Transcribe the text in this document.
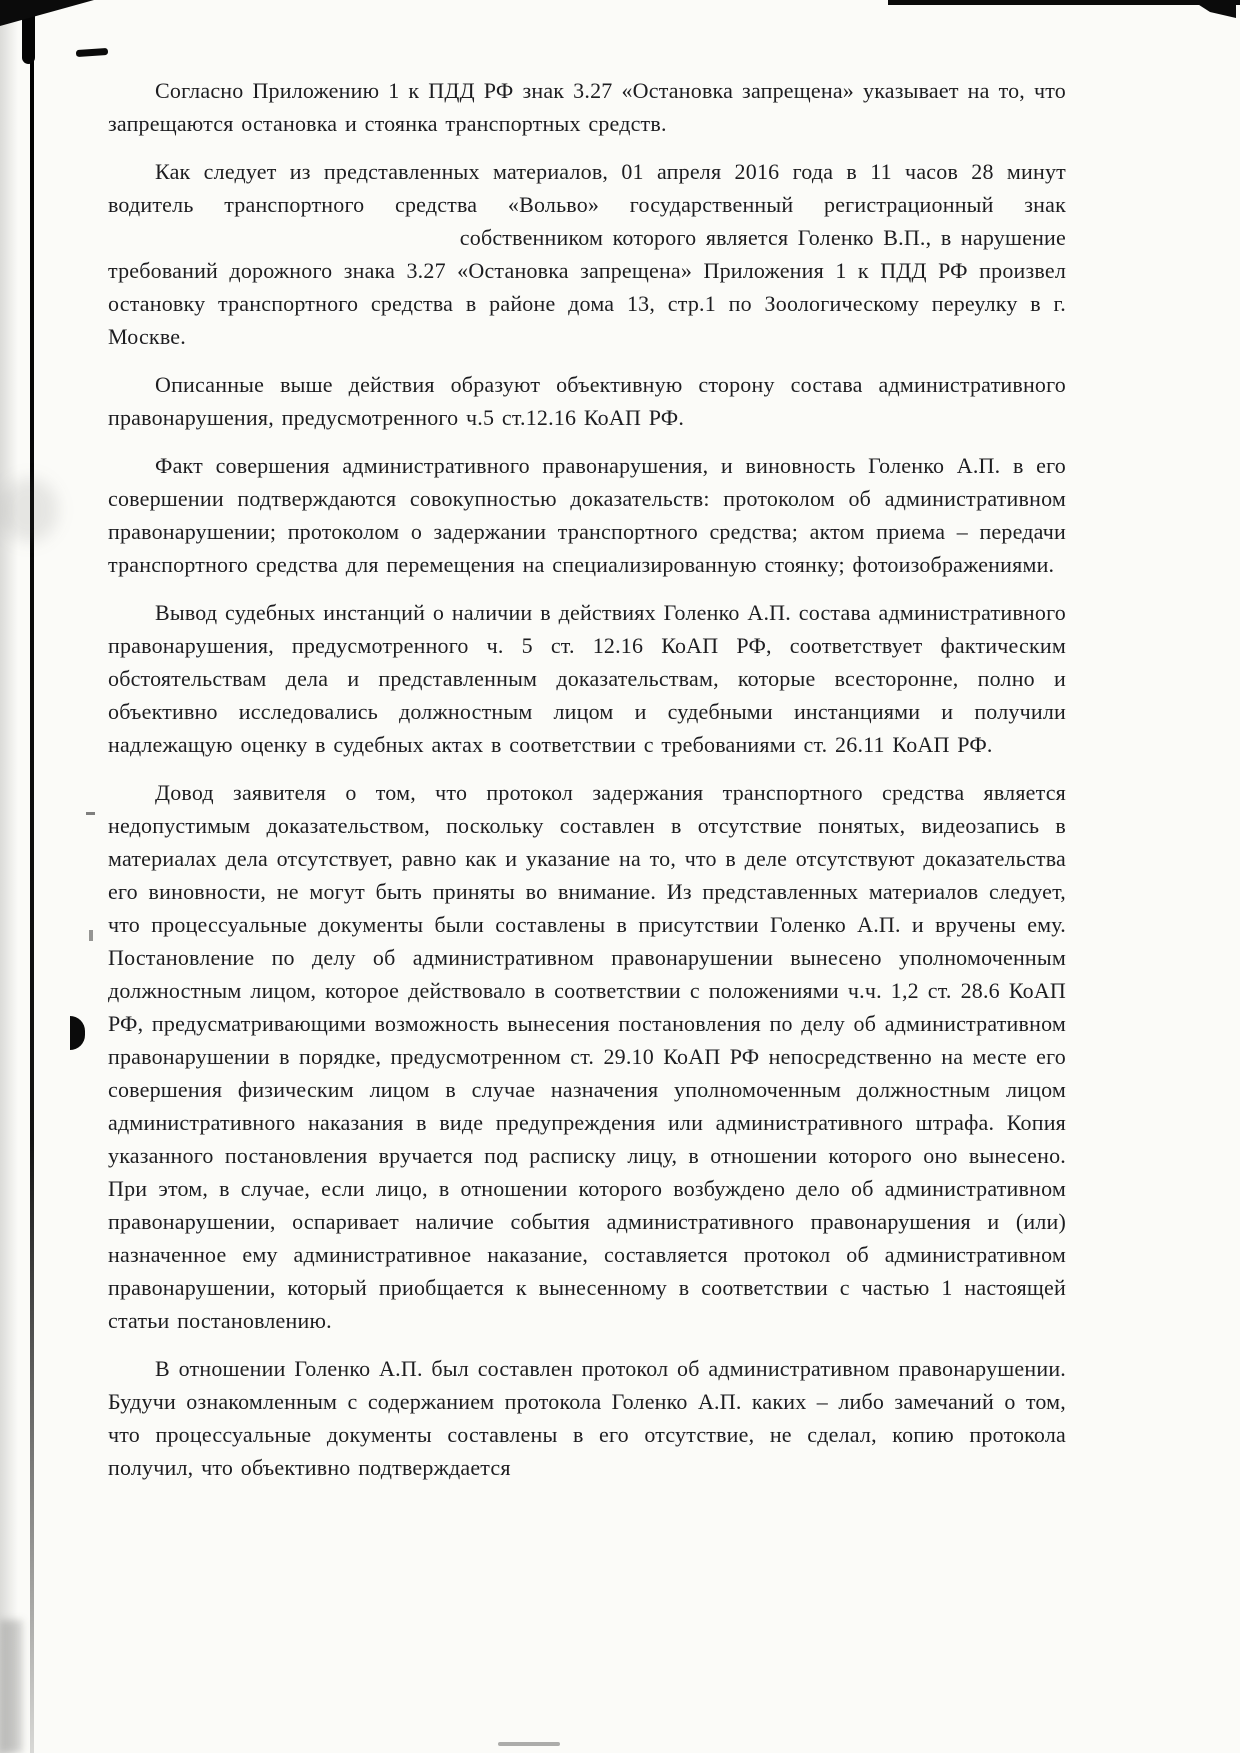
Согласно Приложению 1 к ПДД РФ знак 3.27 «Остановка запрещена» указывает на то, что запрещаются остановка и стоянка транспортных средств.

Как следует из представленных материалов, 01 апреля 2016 года в 11 часов 28 минут водитель транспортного средства «Вольво» государственный регистрационный знак                                      собственником которого является Голенко В.П., в нарушение требований дорожного знака 3.27 «Остановка запрещена» Приложения 1 к ПДД РФ произвел остановку транспортного средства в районе дома 13, стр.1 по Зоологическому переулку в г. Москве.

Описанные выше действия образуют объективную сторону состава административного правонарушения, предусмотренного ч.5 ст.12.16 КоАП РФ.

Факт совершения административного правонарушения, и виновность Голенко А.П. в его совершении подтверждаются совокупностью доказательств: протоколом об административном правонарушении; протоколом о задержании транспортного средства; актом приема – передачи транспортного средства для перемещения на специализированную стоянку; фотоизображениями.

Вывод судебных инстанций о наличии в действиях Голенко А.П. состава административного правонарушения, предусмотренного ч. 5 ст. 12.16 КоАП РФ, соответствует фактическим обстоятельствам дела и представленным доказательствам, которые всесторонне, полно и объективно исследовались должностным лицом и судебными инстанциями и получили надлежащую оценку в судебных актах в соответствии с требованиями ст. 26.11 КоАП РФ.

Довод заявителя о том, что протокол задержания транспортного средства является недопустимым доказательством, поскольку составлен в отсутствие понятых, видеозапись в материалах дела отсутствует, равно как и указание на то, что в деле отсутствуют доказательства его виновности, не могут быть приняты во внимание. Из представленных материалов следует, что процессуальные документы были составлены в присутствии Голенко А.П. и вручены ему. Постановление по делу об административном правонарушении вынесено уполномоченным должностным лицом, которое действовало в соответствии с положениями ч.ч. 1,2 ст. 28.6 КоАП РФ, предусматривающими возможность вынесения постановления по делу об административном правонарушении в порядке, предусмотренном ст. 29.10 КоАП РФ непосредственно на месте его совершения физическим лицом в случае назначения уполномоченным должностным лицом административного наказания в виде предупреждения или административного штрафа. Копия указанного постановления вручается под расписку лицу, в отношении которого оно вынесено. При этом, в случае, если лицо, в отношении которого возбуждено дело об административном правонарушении, оспаривает наличие события административного правонарушения и (или) назначенное ему административное наказание, составляется протокол об административном правонарушении, который приобщается к вынесенному в соответствии с частью 1 настоящей статьи постановлению.

В отношении Голенко А.П. был составлен протокол об административном правонарушении. Будучи ознакомленным с содержанием протокола Голенко А.П. каких – либо замечаний о том, что процессуальные документы составлены в его отсутствие, не сделал, копию протокола получил, что объективно подтверждается
